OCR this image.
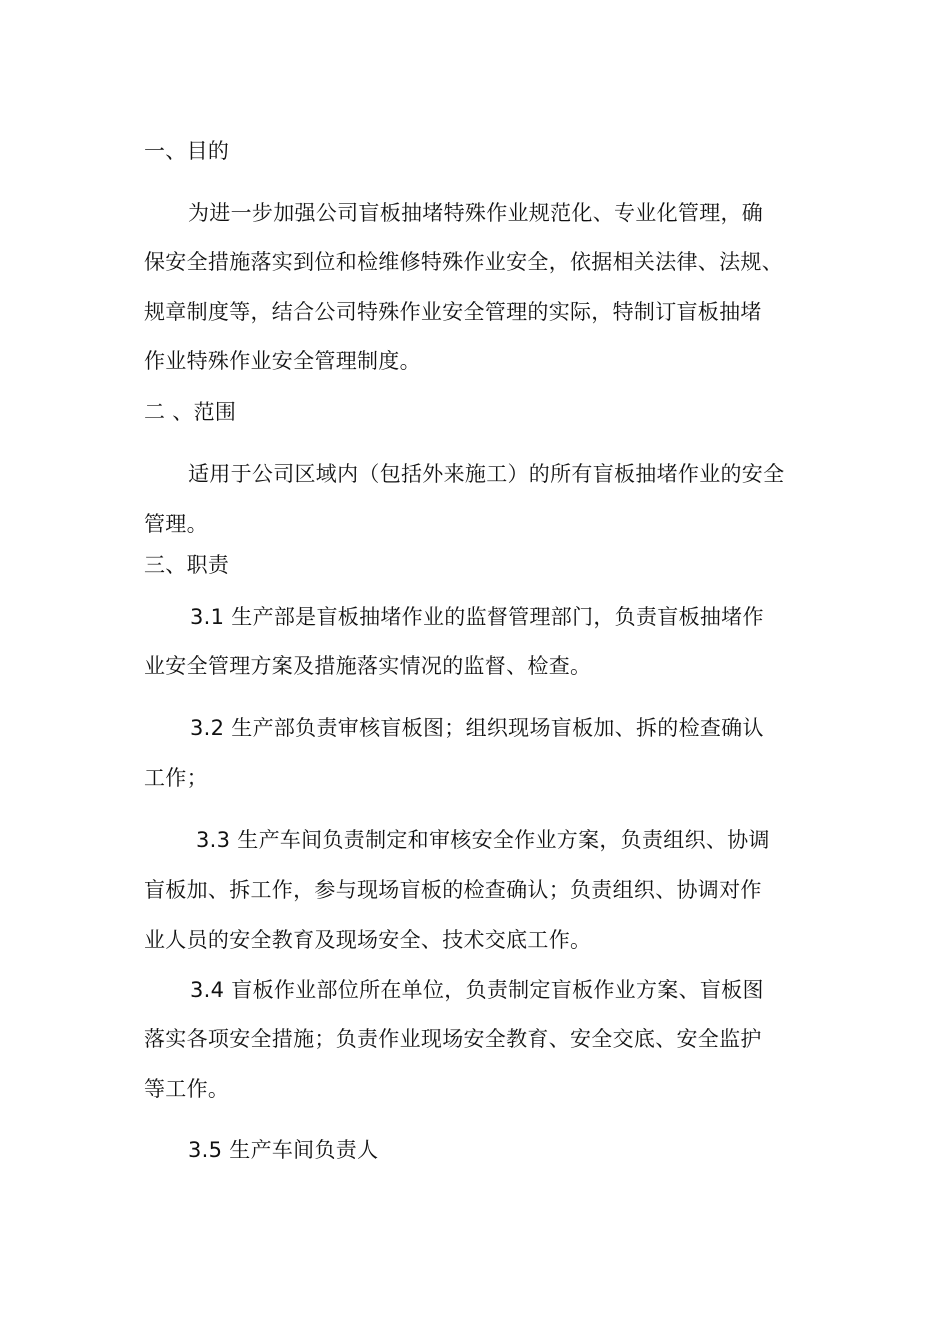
一、目的
为进一步加强公司盲板抽堵特殊作业规范化、专业化管理，确
保安全措施落实到位和检维修特殊作业安全，依据相关法律、法规、
规章制度等，结合公司特殊作业安全管理的实际，特制订盲板抽堵
作业特殊作业安全管理制度。
二 、范围
适用于公司区域内（包括外来施工）的所有盲板抽堵作业的安全
管理。
三、职责
3.1 生产部是盲板抽堵作业的监督管理部门，负责盲板抽堵作
业安全管理方案及措施落实情况的监督、检查。
3.2 生产部负责审核盲板图；组织现场盲板加、拆的检查确认
工作；
3.3 生产车间负责制定和审核安全作业方案，负责组织、协调
盲板加、拆工作，参与现场盲板的检查确认；负责组织、协调对作
业人员的安全教育及现场安全、技术交底工作。
3.4 盲板作业部位所在单位，负责制定盲板作业方案、盲板图
落实各项安全措施；负责作业现场安全教育、安全交底、安全监护
等工作。
3.5 生产车间负责人
